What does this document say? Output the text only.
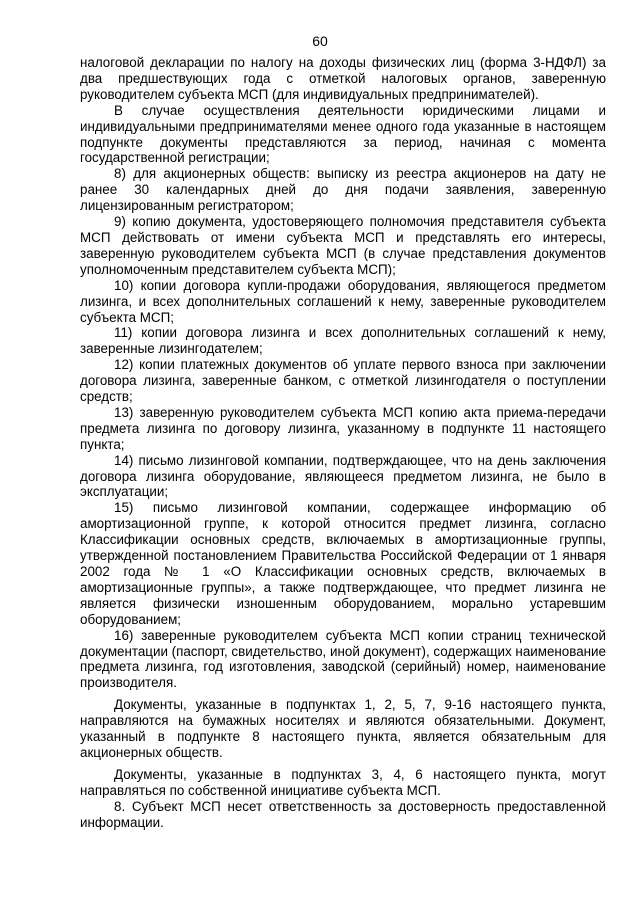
60

налоговой декларации по налогу на доходы физических лиц (форма 3-НДФЛ) за два предшествующих года с отметкой налоговых органов, заверенную руководителем субъекта МСП (для индивидуальных предпринимателей).

В случае осуществления деятельности юридическими лицами и индивидуальными предпринимателями менее одного года указанные в настоящем подпункте документы представляются за период, начиная с момента государственной регистрации;

8) для акционерных обществ: выписку из реестра акционеров на дату не ранее 30 календарных дней до дня подачи заявления, заверенную лицензированным регистратором;

9) копию документа, удостоверяющего полномочия представителя субъекта МСП действовать от имени субъекта МСП и представлять его интересы, заверенную руководителем субъекта МСП (в случае представления документов уполномоченным представителем субъекта МСП);

10) копии договора купли-продажи оборудования, являющегося предметом лизинга, и всех дополнительных соглашений к нему, заверенные руководителем субъекта МСП;

11) копии договора лизинга и всех дополнительных соглашений к нему, заверенные лизингодателем;

12) копии платежных документов об уплате первого взноса при заключении договора лизинга, заверенные банком, с отметкой лизингодателя о поступлении средств;

13) заверенную руководителем субъекта МСП копию акта приема-передачи предмета лизинга по договору лизинга, указанному в подпункте 11 настоящего пункта;

14) письмо лизинговой компании, подтверждающее, что на день заключения договора лизинга оборудование, являющееся предметом лизинга, не было в эксплуатации;

15) письмо лизинговой компании, содержащее информацию об амортизационной группе, к которой относится предмет лизинга, согласно Классификации основных средств, включаемых в амортизационные группы, утвержденной постановлением Правительства Российской Федерации от 1 января 2002 года № 1 «О Классификации основных средств, включаемых в амортизационные группы», а также подтверждающее, что предмет лизинга не является физически изношенным оборудованием, морально устаревшим оборудованием;

16) заверенные руководителем субъекта МСП копии страниц технической документации (паспорт, свидетельство, иной документ), содержащих наименование предмета лизинга, год изготовления, заводской (серийный) номер, наименование производителя.

Документы, указанные в подпунктах 1, 2, 5, 7, 9-16 настоящего пункта, направляются на бумажных носителях и являются обязательными. Документ, указанный в подпункте 8 настоящего пункта, является обязательным для акционерных обществ.

Документы, указанные в подпунктах 3, 4, 6 настоящего пункта, могут направляться по собственной инициативе субъекта МСП.

8. Субъект МСП несет ответственность за достоверность предоставленной информации.
